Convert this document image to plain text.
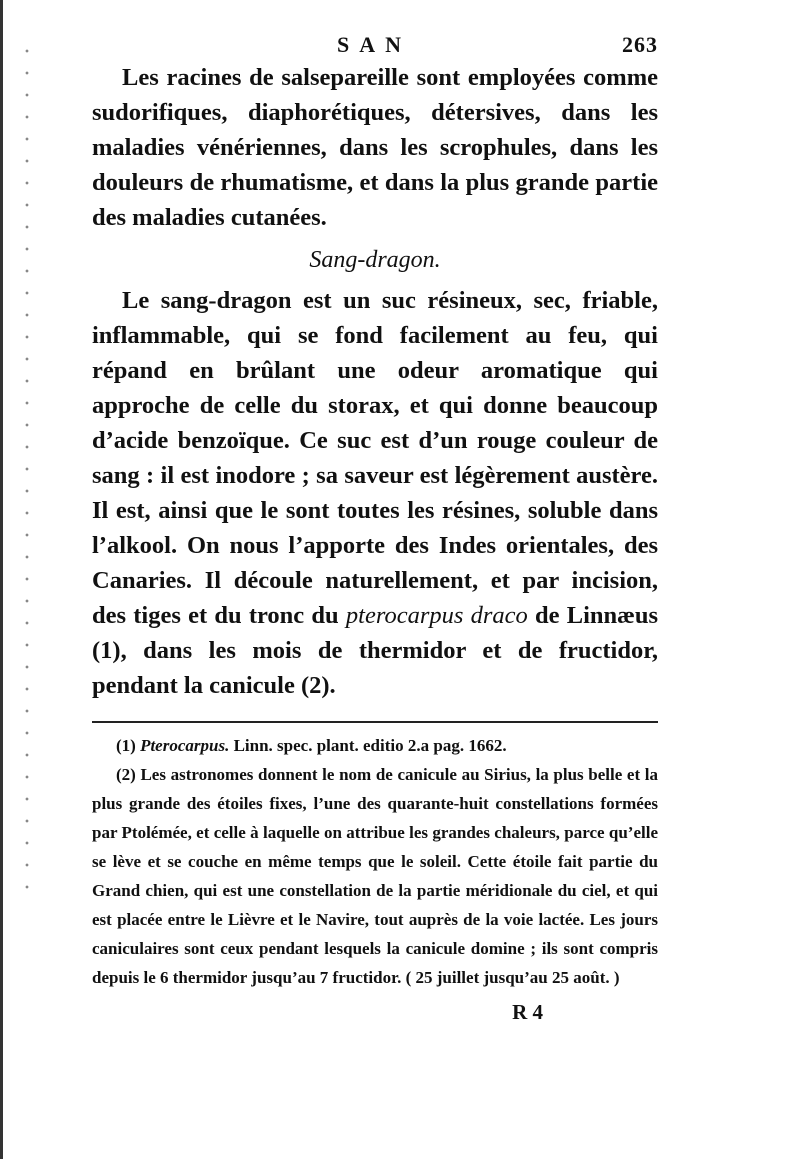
SAN	263

Les racines de salsepareille sont employées comme sudorifiques, diaphorétiques, détersives, dans les maladies vénériennes, dans les scrophules, dans les douleurs de rhumatisme, et dans la plus grande partie des maladies cutanées.

Sang-dragon.

Le sang-dragon est un suc résineux, sec, friable, inflammable, qui se fond facilement au feu, qui répand en brûlant une odeur aromatique qui approche de celle du storax, et qui donne beaucoup d’acide benzoïque. Ce suc est d’un rouge couleur de sang : il est inodore ; sa saveur est légèrement austère. Il est, ainsi que le sont toutes les résines, soluble dans l’alkool. On nous l’apporte des Indes orientales, des Canaries. Il découle naturellement, et par incision, des tiges et du tronc du pterocarpus draco de Linnæus (1), dans les mois de thermidor et de fructidor, pendant la canicule (2).

(1) Pterocarpus. Linn. spec. plant. editio 2.a pag. 1662.

(2) Les astronomes donnent le nom de canicule au Sirius, la plus belle et la plus grande des étoiles fixes, l’une des quarante-huit constellations formées par Ptolémée, et celle à laquelle on attribue les grandes chaleurs, parce qu’elle se lève et se couche en même temps que le soleil. Cette étoile fait partie du Grand chien, qui est une constellation de la partie méridionale du ciel, et qui est placée entre le Lièvre et le Navire, tout auprès de la voie lactée. Les jours caniculaires sont ceux pendant lesquels la canicule domine ; ils sont compris depuis le 6 thermidor jusqu’au 7 fructidor. ( 25 juillet jusqu’au 25 août. )

R 4
